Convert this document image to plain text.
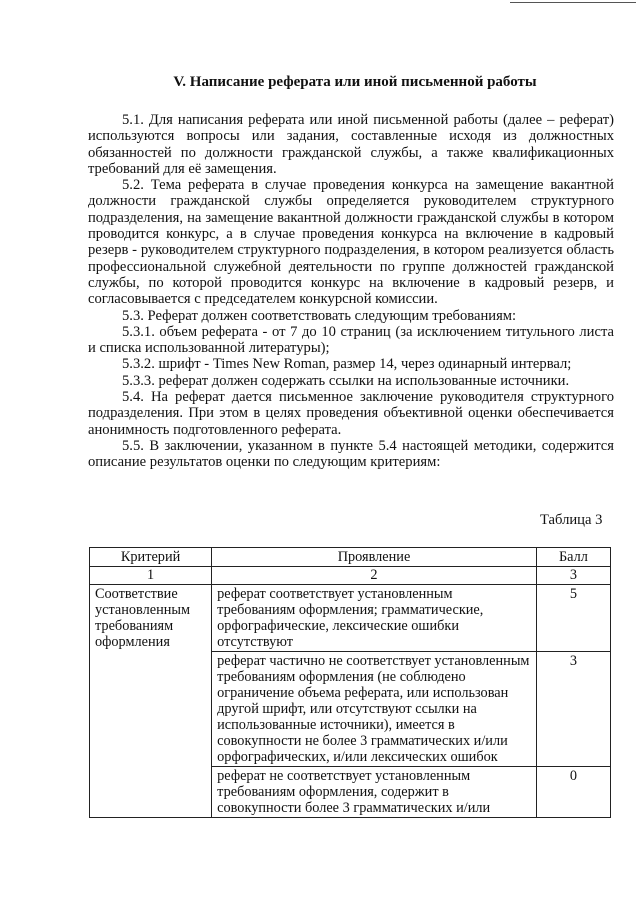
V. Написание реферата или иной письменной работы

5.1. Для написания реферата или иной письменной работы (далее – реферат) используются вопросы или задания, составленные исходя из должностных обязанностей по должности гражданской службы, а также квалификационных требований для её замещения.

5.2. Тема реферата в случае проведения конкурса на замещение вакантной должности гражданской службы определяется руководителем структурного подразделения, на замещение вакантной должности гражданской службы в котором проводится конкурс, а в случае проведения конкурса на включение в кадровый резерв - руководителем структурного подразделения, в котором реализуется область профессиональной служебной деятельности по группе должностей гражданской службы, по которой проводится конкурс на включение в кадровый резерв, и согласовывается с председателем конкурсной комиссии.

5.3. Реферат должен соответствовать следующим требованиям:

5.3.1. объем реферата - от 7 до 10 страниц (за исключением титульного листа и списка использованной литературы);

5.3.2. шрифт - Times New Roman, размер 14, через одинарный интервал;

5.3.3. реферат должен содержать ссылки на использованные источники.

5.4. На реферат дается письменное заключение руководителя структурного подразделения. При этом в целях проведения объективной оценки обеспечивается анонимность подготовленного реферата.

5.5. В заключении, указанном в пункте 5.4 настоящей методики, содержится описание результатов оценки по следующим критериям:

Таблица 3
Критерий	Проявление	Балл
1	2	3
Соответствие установленным требованиям оформления	реферат соответствует установленным требованиям оформления; грамматические, орфографические, лексические ошибки отсутствуют	5
	реферат частично не соответствует установленным требованиям оформления (не соблюдено ограничение объема реферата, или использован другой шрифт, или отсутствуют ссылки на использованные источники), имеется в совокупности не более 3 грамматических и/или орфографических, и/или лексических ошибок	3
	реферат не соответствует установленным требованиям оформления, содержит в совокупности более 3 грамматических и/или	0
